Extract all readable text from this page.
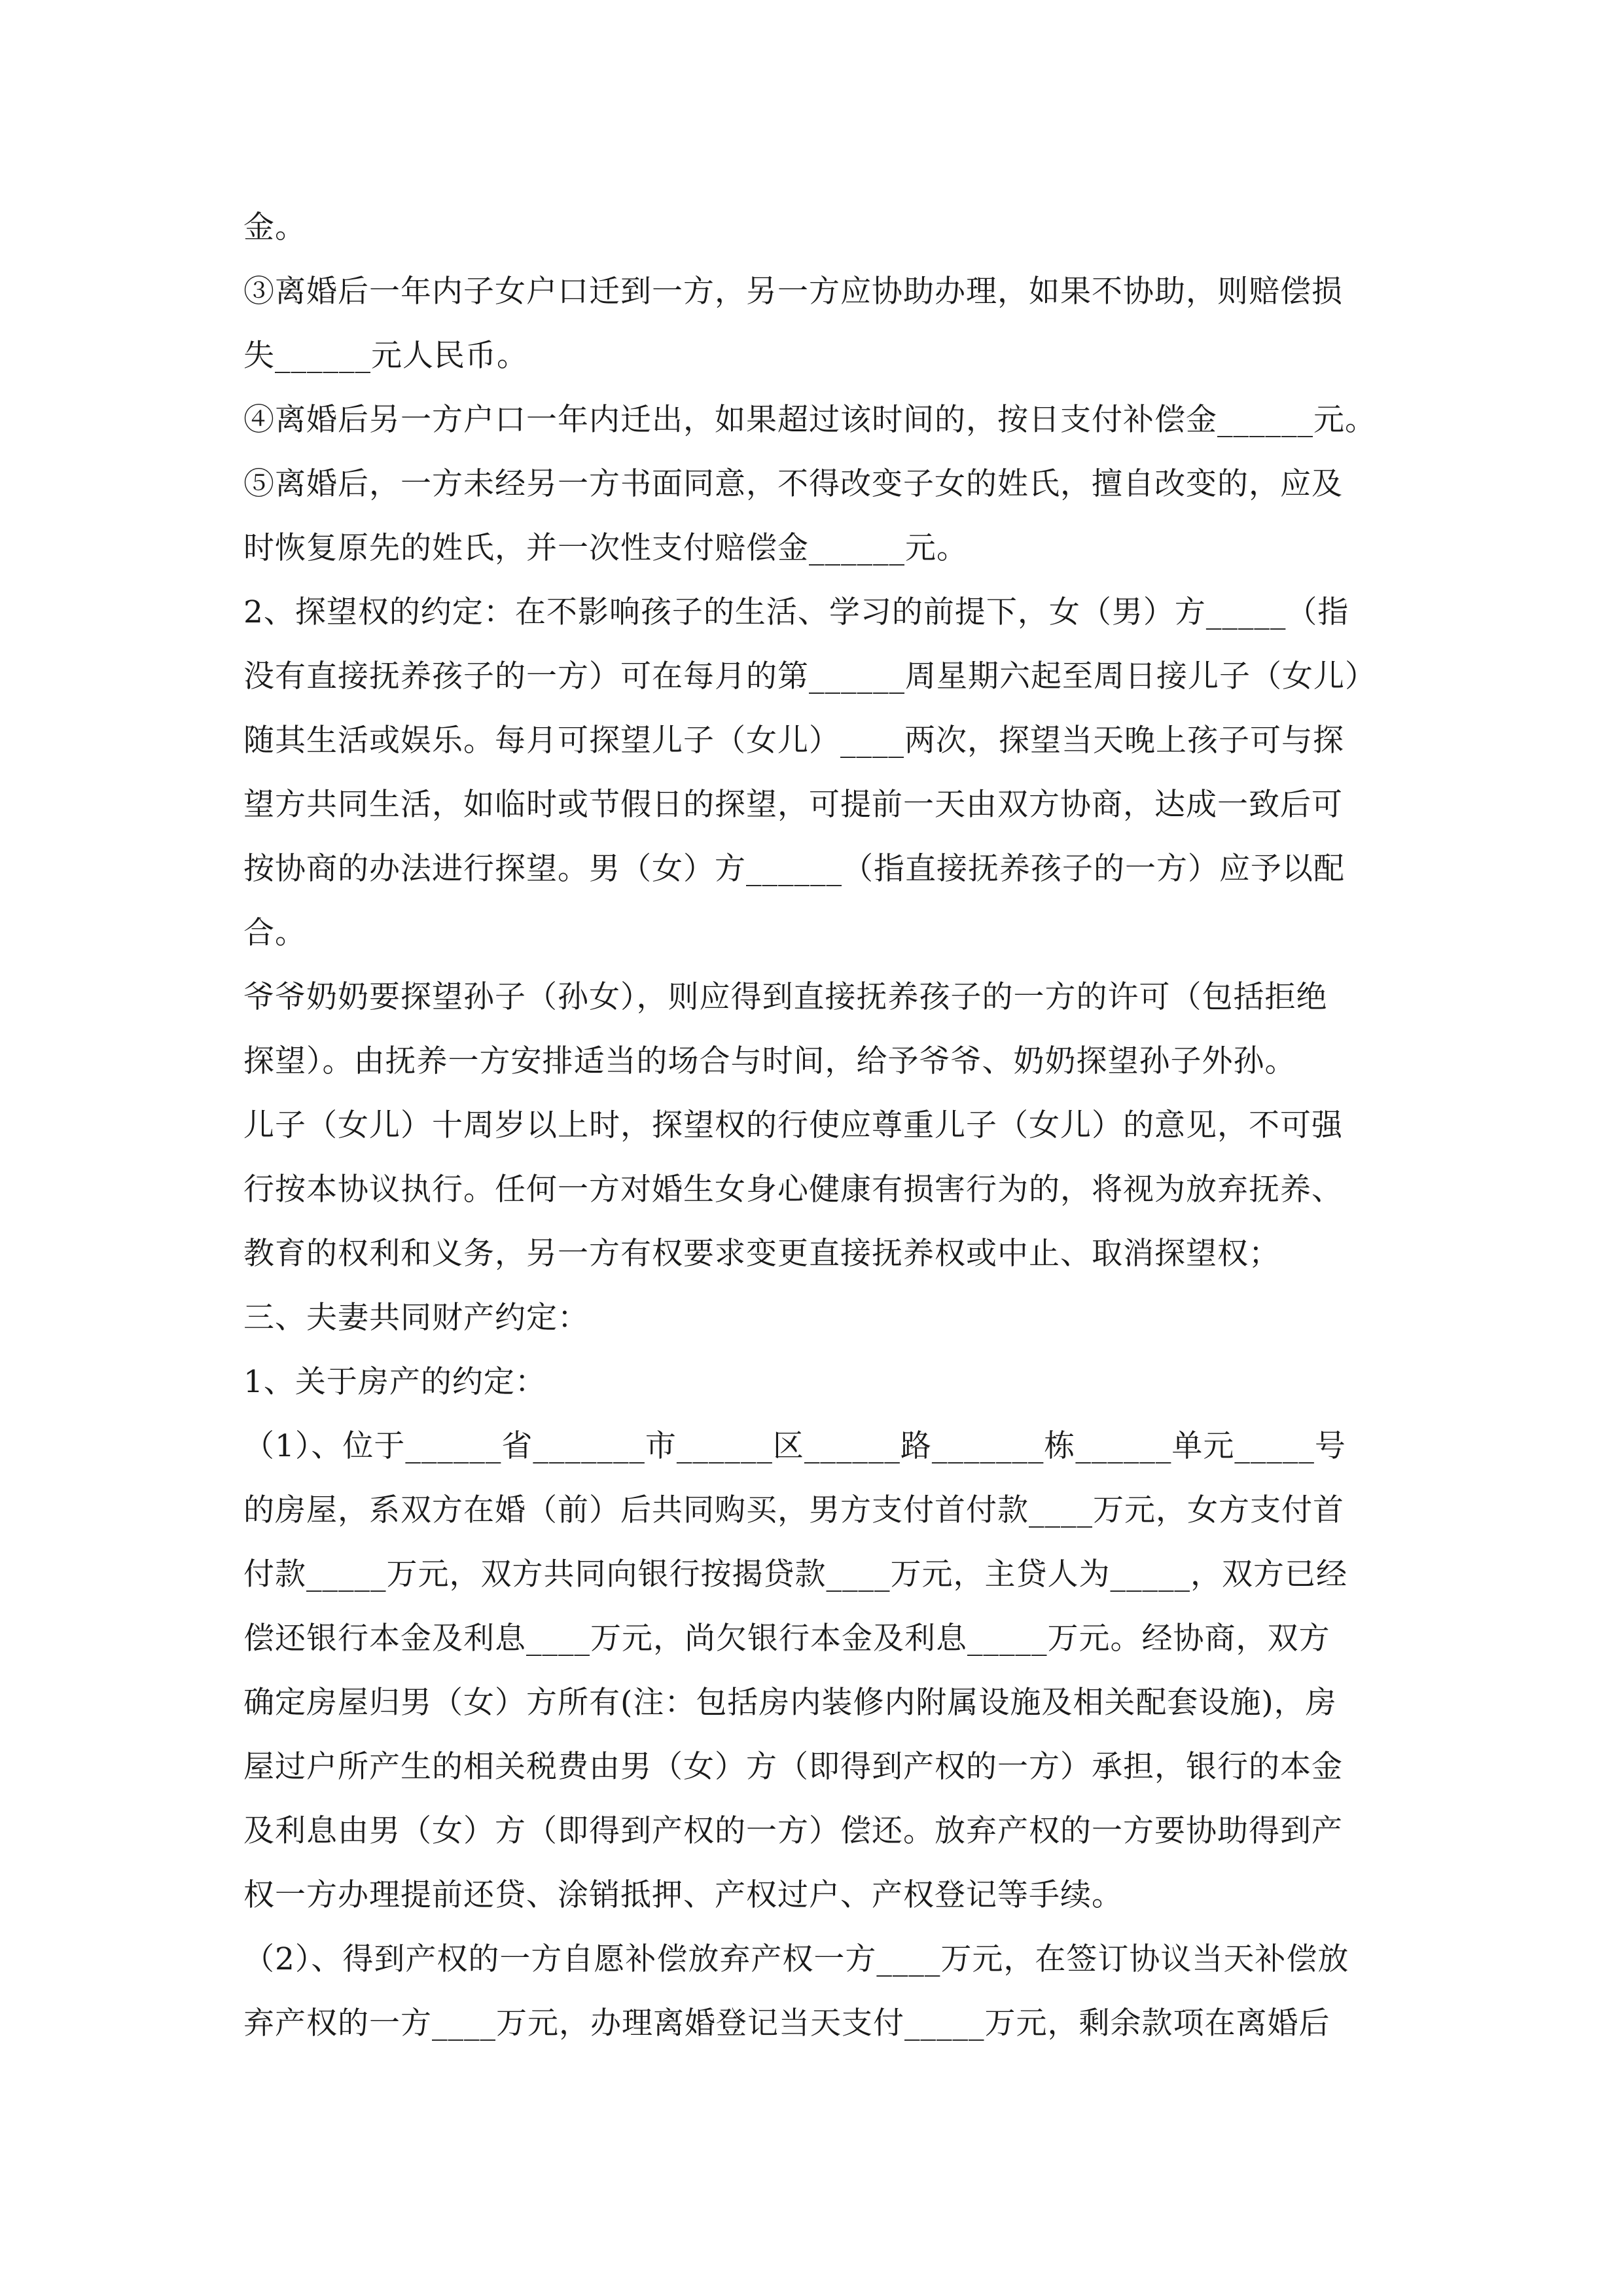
金。
③离婚后一年内子女户口迁到一方，另一方应协助办理，如果不协助，则赔偿损
失______元人民币。
④离婚后另一方户口一年内迁出，如果超过该时间的，按日支付补偿金______元。
⑤离婚后，一方未经另一方书面同意，不得改变子女的姓氏，擅自改变的，应及
时恢复原先的姓氏，并一次性支付赔偿金______元。
2、探望权的约定：在不影响孩子的生活、学习的前提下，女（男）方_____（指
没有直接抚养孩子的一方）可在每月的第______周星期六起至周日接儿子（女儿）
随其生活或娱乐。每月可探望儿子（女儿）____两次，探望当天晚上孩子可与探
望方共同生活，如临时或节假日的探望，可提前一天由双方协商，达成一致后可
按协商的办法进行探望。男（女）方______（指直接抚养孩子的一方）应予以配
合。
爷爷奶奶要探望孙子（孙女），则应得到直接抚养孩子的一方的许可（包括拒绝
探望）。由抚养一方安排适当的场合与时间，给予爷爷、奶奶探望孙子外孙。
儿子（女儿）十周岁以上时，探望权的行使应尊重儿子（女儿）的意见，不可强
行按本协议执行。任何一方对婚生女身心健康有损害行为的，将视为放弃抚养、
教育的权利和义务，另一方有权要求变更直接抚养权或中止、取消探望权；
三、夫妻共同财产约定：
1、关于房产的约定：
（1）、位于______省_______市______区______路_______栋______单元_____号
的房屋，系双方在婚（前）后共同购买，男方支付首付款____万元，女方支付首
付款_____万元，双方共同向银行按揭贷款____万元，主贷人为_____，双方已经
偿还银行本金及利息____万元，尚欠银行本金及利息_____万元。经协商，双方
确定房屋归男（女）方所有(注：包括房内装修内附属设施及相关配套设施)，房
屋过户所产生的相关税费由男（女）方（即得到产权的一方）承担，银行的本金
及利息由男（女）方（即得到产权的一方）偿还。放弃产权的一方要协助得到产
权一方办理提前还贷、涂销抵押、产权过户、产权登记等手续。
（2）、得到产权的一方自愿补偿放弃产权一方____万元，在签订协议当天补偿放
弃产权的一方____万元，办理离婚登记当天支付_____万元，剩余款项在离婚后
